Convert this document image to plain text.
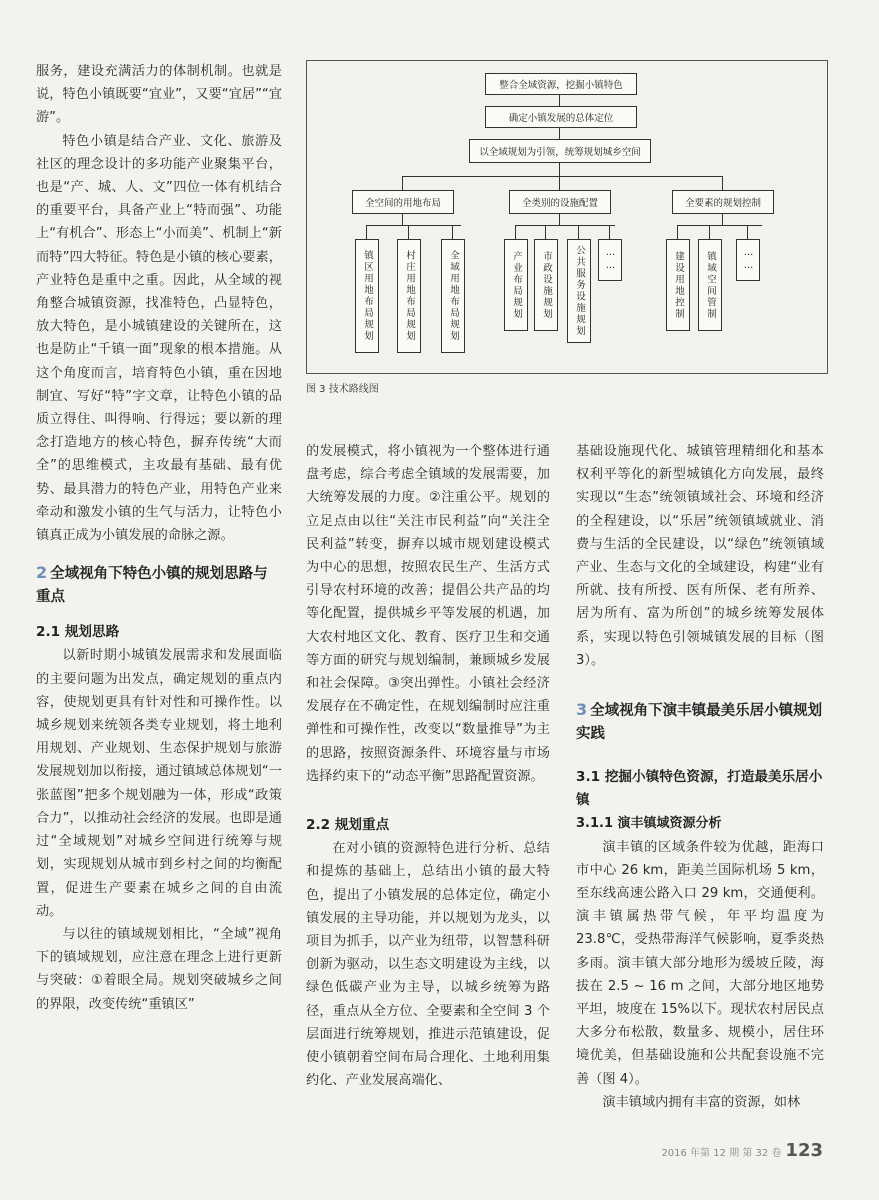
服务，建设充满活力的体制机制。也就是说，特色小镇既要“宜业”，又要“宜居”“宜游”。

特色小镇是结合产业、文化、旅游及社区的理念设计的多功能产业聚集平台，也是“产、城、人、文”四位一体有机结合的重要平台，具备产业上“特而强”、功能上“有机合”、形态上“小而美”、机制上“新而特”四大特征。特色是小镇的核心要素，产业特色是重中之重。因此，从全域的视角整合城镇资源，找准特色，凸显特色，放大特色，是小城镇建设的关键所在，这也是防止“千镇一面”现象的根本措施。从这个角度而言，培育特色小镇，重在因地制宜、写好“特”字文章，让特色小镇的品质立得住、叫得响、行得远；要以新的理念打造地方的核心特色，摒弃传统“大而全”的思维模式，主攻最有基础、最有优势、最具潜力的特色产业，用特色产业来牵动和激发小镇的生气与活力，让特色小镇真正成为小镇发展的命脉之源。

2 全域视角下特色小镇的规划思路与重点
2.1 规划思路

以新时期小城镇发展需求和发展面临的主要问题为出发点，确定规划的重点内容，使规划更具有针对性和可操作性。以城乡规划来统领各类专业规划，将土地利用规划、产业规划、生态保护规划与旅游发展规划加以衔接，通过镇域总体规划“一张蓝图”把多个规划融为一体，形成“政策合力”，以推动社会经济的发展。也即是通过“全域规划”对城乡空间进行统筹与规划，实现规划从城市到乡村之间的均衡配置，促进生产要素在城乡之间的自由流动。

与以往的镇域规划相比，“全域”视角下的镇域规划，应注意在理念上进行更新与突破：①着眼全局。规划突破城乡之间的界限，改变传统“重镇区”

整合全域资源，挖掘小镇特色
确定小镇发展的总体定位
以全域规划为引领，统筹规划城乡空间
全空间的用地布局	全类别的设施配置	全要素的规划控制
镇区用地布局规划	村庄用地布局规划	全域用地布局规划	产业布局规划 市政设施规划 公共服务设施规划 ……	建设用地控制 镇域空间管制	……
图 3 技术路线图

的发展模式，将小镇视为一个整体进行通盘考虑，综合考虑全镇域的发展需要，加大统筹发展的力度。②注重公平。规划的立足点由以往“关注市民利益”向“关注全民利益”转变，摒弃以城市规划建设模式为中心的思想，按照农民生产、生活方式引导农村环境的改善；提倡公共产品的均等化配置，提供城乡平等发展的机遇，加大农村地区文化、教育、医疗卫生和交通等方面的研究与规划编制，兼顾城乡发展和社会保障。③突出弹性。小镇社会经济发展存在不确定性，在规划编制时应注重弹性和可操作性，改变以“数量推导”为主的思路，按照资源条件、环境容量与市场选择约束下的“动态平衡”思路配置资源。

2.2 规划重点

在对小镇的资源特色进行分析、总结和提炼的基础上，总结出小镇的最大特色，提出了小镇发展的总体定位，确定小镇发展的主导功能，并以规划为龙头，以项目为抓手，以产业为纽带，以智慧科研创新为驱动，以生态文明建设为主线，以绿色低碳产业为主导，以城乡统筹为路径，重点从全方位、全要素和全空间 3 个层面进行统筹规划，推进示范镇建设，促使小镇朝着空间布局合理化、土地利用集约化、产业发展高端化、

基础设施现代化、城镇管理精细化和基本权利平等化的新型城镇化方向发展，最终实现以“生态”统领镇域社会、环境和经济的全程建设，以“乐居”统领镇域就业、消费与生活的全民建设，以“绿色”统领镇域产业、生态与文化的全域建设，构建“业有所就、技有所授、医有所保、老有所养、居为所有、富为所创”的城乡统筹发展体系，实现以特色引领城镇发展的目标（图 3）。

3 全域视角下演丰镇最美乐居小镇规划实践
3.1 挖掘小镇特色资源，打造最美乐居小镇
3.1.1 演丰镇域资源分析

演丰镇的区域条件较为优越，距海口市中心 26 km，距美兰国际机场 5 km，至东线高速公路入口 29 km，交通便利。演丰镇属热带气候，年平均温度为 23.8℃，受热带海洋气候影响，夏季炎热多雨。演丰镇大部分地形为缓坡丘陵，海拔在 2.5 ~ 16 m 之间，大部分地区地势平坦，坡度在 15%以下。现状农村居民点大多分布松散，数量多、规模小，居住环境优美，但基础设施和公共配套设施不完善（图 4）。

演丰镇域内拥有丰富的资源，如林

2016 年第 12 期 第 32 卷 123
